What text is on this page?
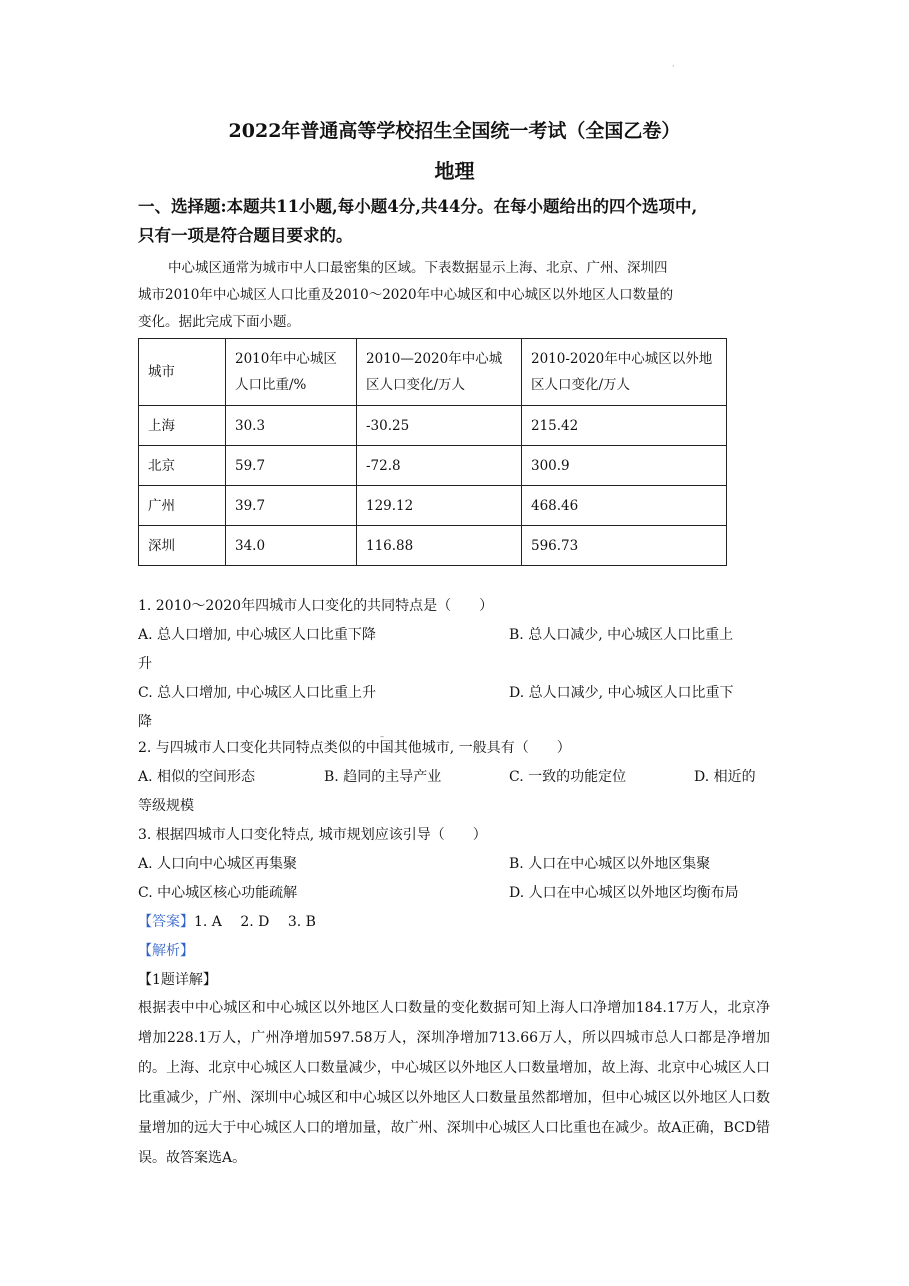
·
2022年普通高等学校招生全国统一考试（全国乙卷）
地理
一、选择题:本题共11小题,每小题4分,共44分。在每小题给出的四个选项中,
只有一项是符合题目要求的。

中心城区通常为城市中人口最密集的区域。下表数据显示上海、北京、广州、深圳四

城市2010年中心城区人口比重及2010～2020年中心城区和中心城区以外地区人口数量的

变化。据此完成下面小题。

城市	2010年中心城区人口比重/%	2010—2020年中心城区人口变化/万人	2010-2020年中心城区以外地区人口变化/万人
上海	30.3	-30.25	215.42
北京	59.7	-72.8	300.9
广州	39.7	129.12	468.46
深圳	34.0	116.88	596.73
1. 2010～2020年四城市人口变化的共同特点是（　　）
A. 总人口增加, 中心城区人口比重下降	B. 总人口减少, 中心城区人口比重上
升
C. 总人口增加, 中心城区人口比重上升	D. 总人口减少, 中心城区人口比重下
降
–
2. 与四城市人口变化共同特点类似的中国其他城市, 一般具有（　　）
A. 相似的空间形态	B. 趋同的主导产业	C. 一致的功能定位	D. 相近的
等级规模
3. 根据四城市人口变化特点, 城市规划应该引导（　　）
A. 人口向中心城区再集聚	B. 人口在中心城区以外地区集聚
C. 中心城区核心功能疏解	D. 人口在中心城区以外地区均衡布局
【答案】1. A　 2. D　 3. B
【解析】
【1题详解】
根据表中中心城区和中心城区以外地区人口数量的变化数据可知上海人口净增加184.17万人，北京净增加228.1万人，广州净增加597.58万人，深圳净增加713.66万人，所以四城市总人口都是净增加的。上海、北京中心城区人口数量减少，中心城区以外地区人口数量增加，故上海、北京中心城区人口比重减少，广州、深圳中心城区和中心城区以外地区人口数量虽然都增加，但中心城区以外地区人口数量增加的远大于中心城区人口的增加量，故广州、深圳中心城区人口比重也在减少。故A正确，BCD错误。故答案选A。
